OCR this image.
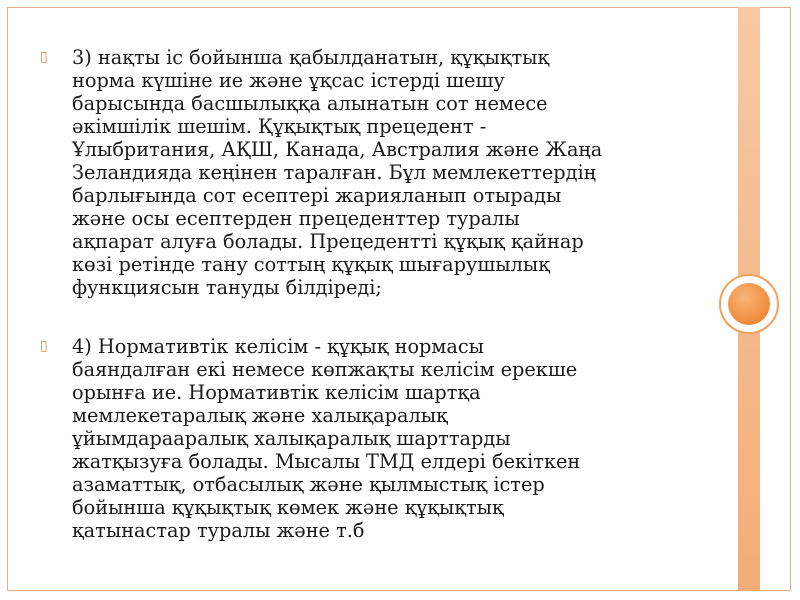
▯ 3) нақты іс бойынша қабылданатын, құқықтық
норма күшіне ие және ұқсас істерді шешу
барысында басшылыққа алынатын сот немесе
әкімшілік шешім. Құқықтық прецедент -
Ұлыбритания, АҚШ, Канада, Австралия және Жаңа
Зеландияда кеңінен таралған. Бұл мемлекеттердің
барлығында сот есептері жарияланып отырады
және осы есептерден прецеденттер туралы
ақпарат алуға болады. Прецедентті құқық қайнар
көзі ретінде тану соттың құқық шығарушылық
функциясын тануды білдіреді;

▯ 4) Нормативтік келісім - құқық нормасы
баяндалған екі немесе көпжақты келісім ерекше
орынға ие. Нормативтік келісім шартқа
мемлекетаралық және халықаралық
ұйымдарааралық халықаралық шарттарды
жатқызуға болады. Мысалы ТМД елдері бекіткен
азаматтық, отбасылық және қылмыстық істер
бойынша құқықтық көмек және құқықтық
қатынастар туралы және т.б
